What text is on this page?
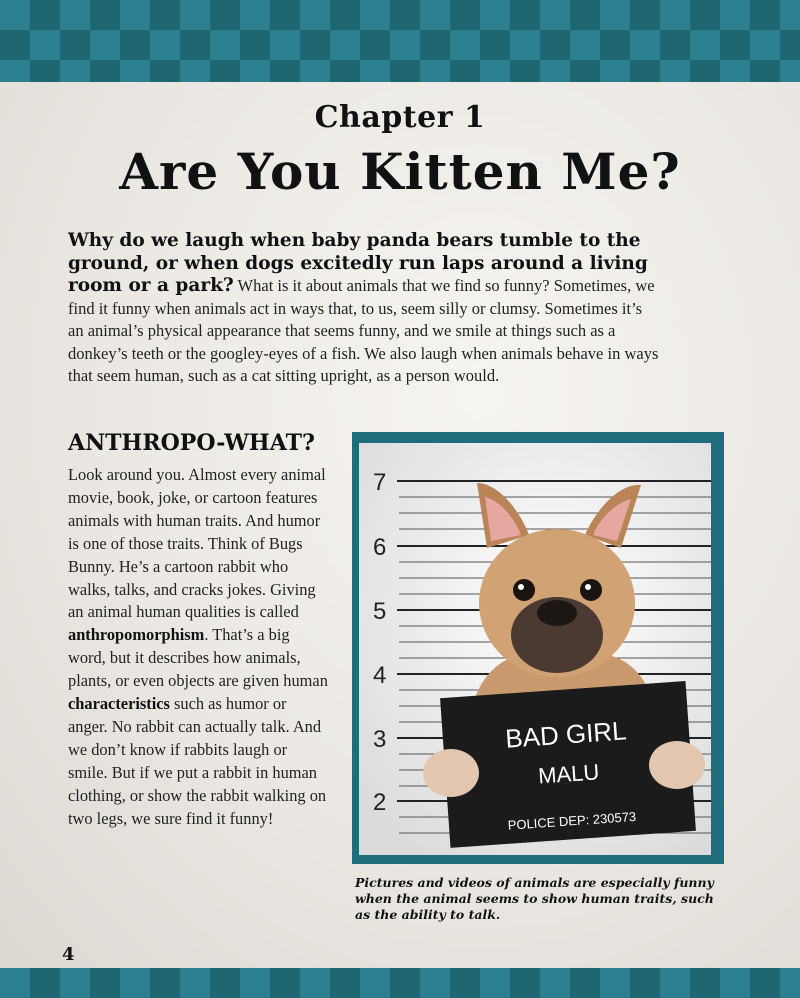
Chapter 1
Are You Kitten Me?
Why do we laugh when baby panda bears tumble to the ground, or when dogs excitedly run laps around a living room or a park? What is it about animals that we find so funny? Sometimes, we find it funny when animals act in ways that, to us, seem silly or clumsy. Sometimes it’s an animal’s physical appearance that seems funny, and we smile at things such as a donkey’s teeth or the googley-eyes of a fish. We also laugh when animals behave in ways that seem human, such as a cat sitting upright, as a person would.
ANTHROPO-WHAT?
Look around you. Almost every animal movie, book, joke, or cartoon features animals with human traits. And humor is one of those traits. Think of Bugs Bunny. He’s a cartoon rabbit who walks, talks, and cracks jokes. Giving an animal human qualities is called anthropomorphism. That’s a big word, but it describes how animals, plants, or even objects are given human characteristics such as humor or anger. No rabbit can actually talk. And we don’t know if rabbits laugh or smile. But if we put a rabbit in human clothing, or show the rabbit walking on two legs, we sure find it funny!
7
6
5
4
3
2
BAD GIRL
MALU
POLICE DEP: 230573
Pictures and videos of animals are especially funny when the animal seems to show human traits, such as the ability to talk.
4
